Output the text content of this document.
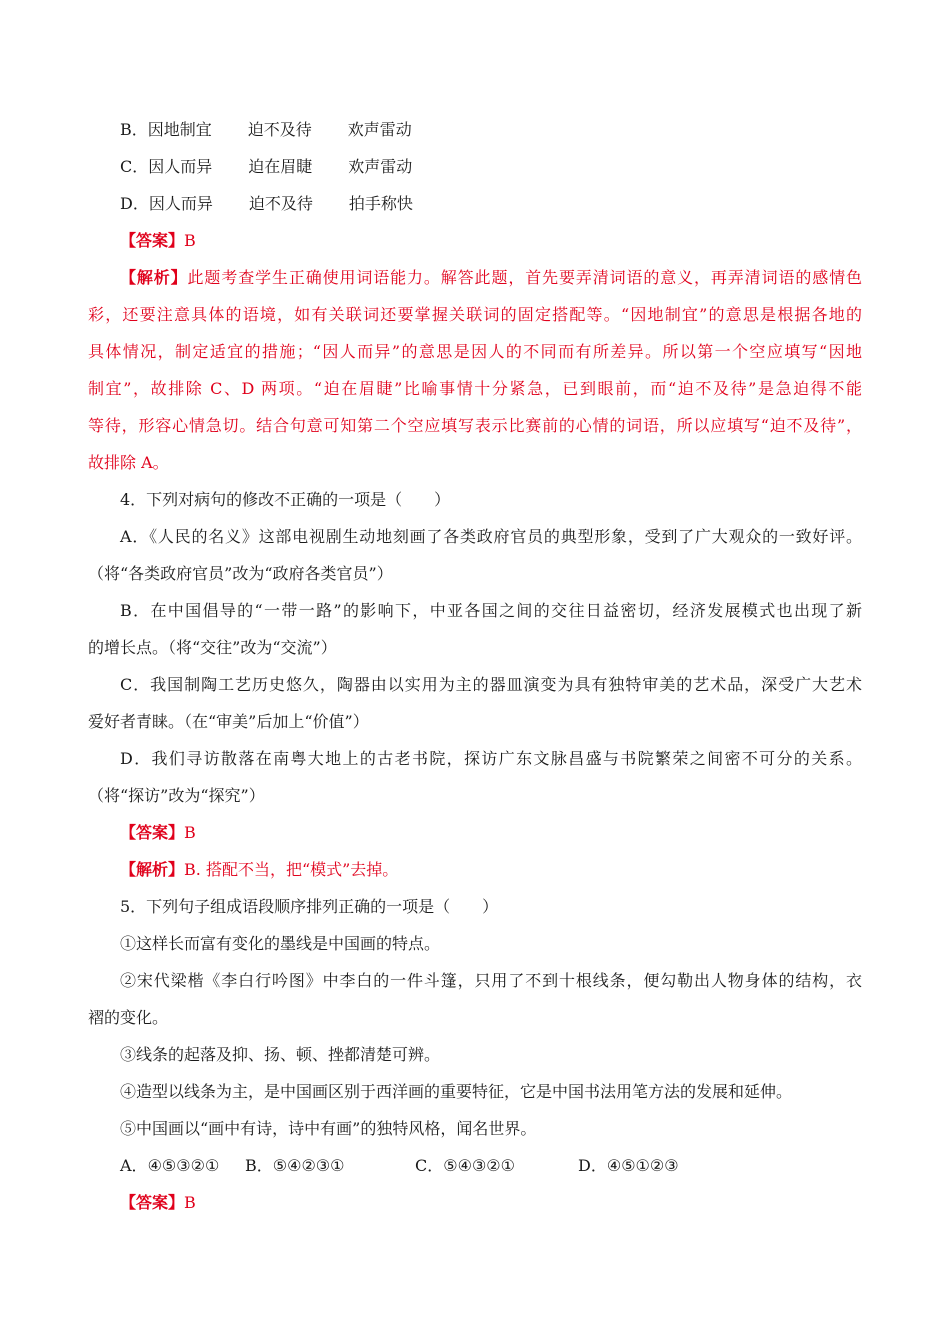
B．因地制宜 迫不及待 欢声雷动
C．因人而异 迫在眉睫 欢声雷动
D．因人而异 迫不及待 拍手称快
【答案】B
【解析】此题考查学生正确使用词语能力。解答此题，首先要弄清词语的意义，再弄清词语的感情色
彩，还要注意具体的语境，如有关联词还要掌握关联词的固定搭配等。“因地制宜”的意思是根据各地的
具体情况，制定适宜的措施；“因人而异”的意思是因人的不同而有所差异。所以第一个空应填写“因地
制宜”，故排除 C、D 两项。“迫在眉睫”比喻事情十分紧急，已到眼前，而“迫不及待”是急迫得不能
等待，形容心情急切。结合句意可知第二个空应填写表示比赛前的心情的词语，所以应填写“迫不及待”，
故排除 A。
4．下列对病句的修改不正确的一项是（　　）
A．《人民的名义》这部电视剧生动地刻画了各类政府官员的典型形象，受到了广大观众的一致好评。
（将“各类政府官员”改为“政府各类官员”）
B．在中国倡导的“一带一路”的影响下，中亚各国之间的交往日益密切，经济发展模式也出现了新
的增长点。（将“交往”改为“交流”）
C．我国制陶工艺历史悠久，陶器由以实用为主的器皿演变为具有独特审美的艺术品，深受广大艺术
爱好者青睐。（在“审美”后加上“价值”）
D．我们寻访散落在南粤大地上的古老书院，探访广东文脉昌盛与书院繁荣之间密不可分的关系。
（将“探访”改为“探究”）
【答案】B
【解析】B. 搭配不当，把“模式”去掉。
5．下列句子组成语段顺序排列正确的一项是（　　）
①这样长而富有变化的墨线是中国画的特点。
②宋代梁楷《李白行吟图》中李白的一件斗篷，只用了不到十根线条，便勾勒出人物身体的结构，衣
褶的变化。
③线条的起落及抑、扬、顿、挫都清楚可辨。
④造型以线条为主，是中国画区别于西洋画的重要特征，它是中国书法用笔方法的发展和延伸。
⑤中国画以“画中有诗，诗中有画”的独特风格，闻名世界。
A．④⑤③②① B．⑤④②③①	C．⑤④③②①	D．④⑤①②③
【答案】B
